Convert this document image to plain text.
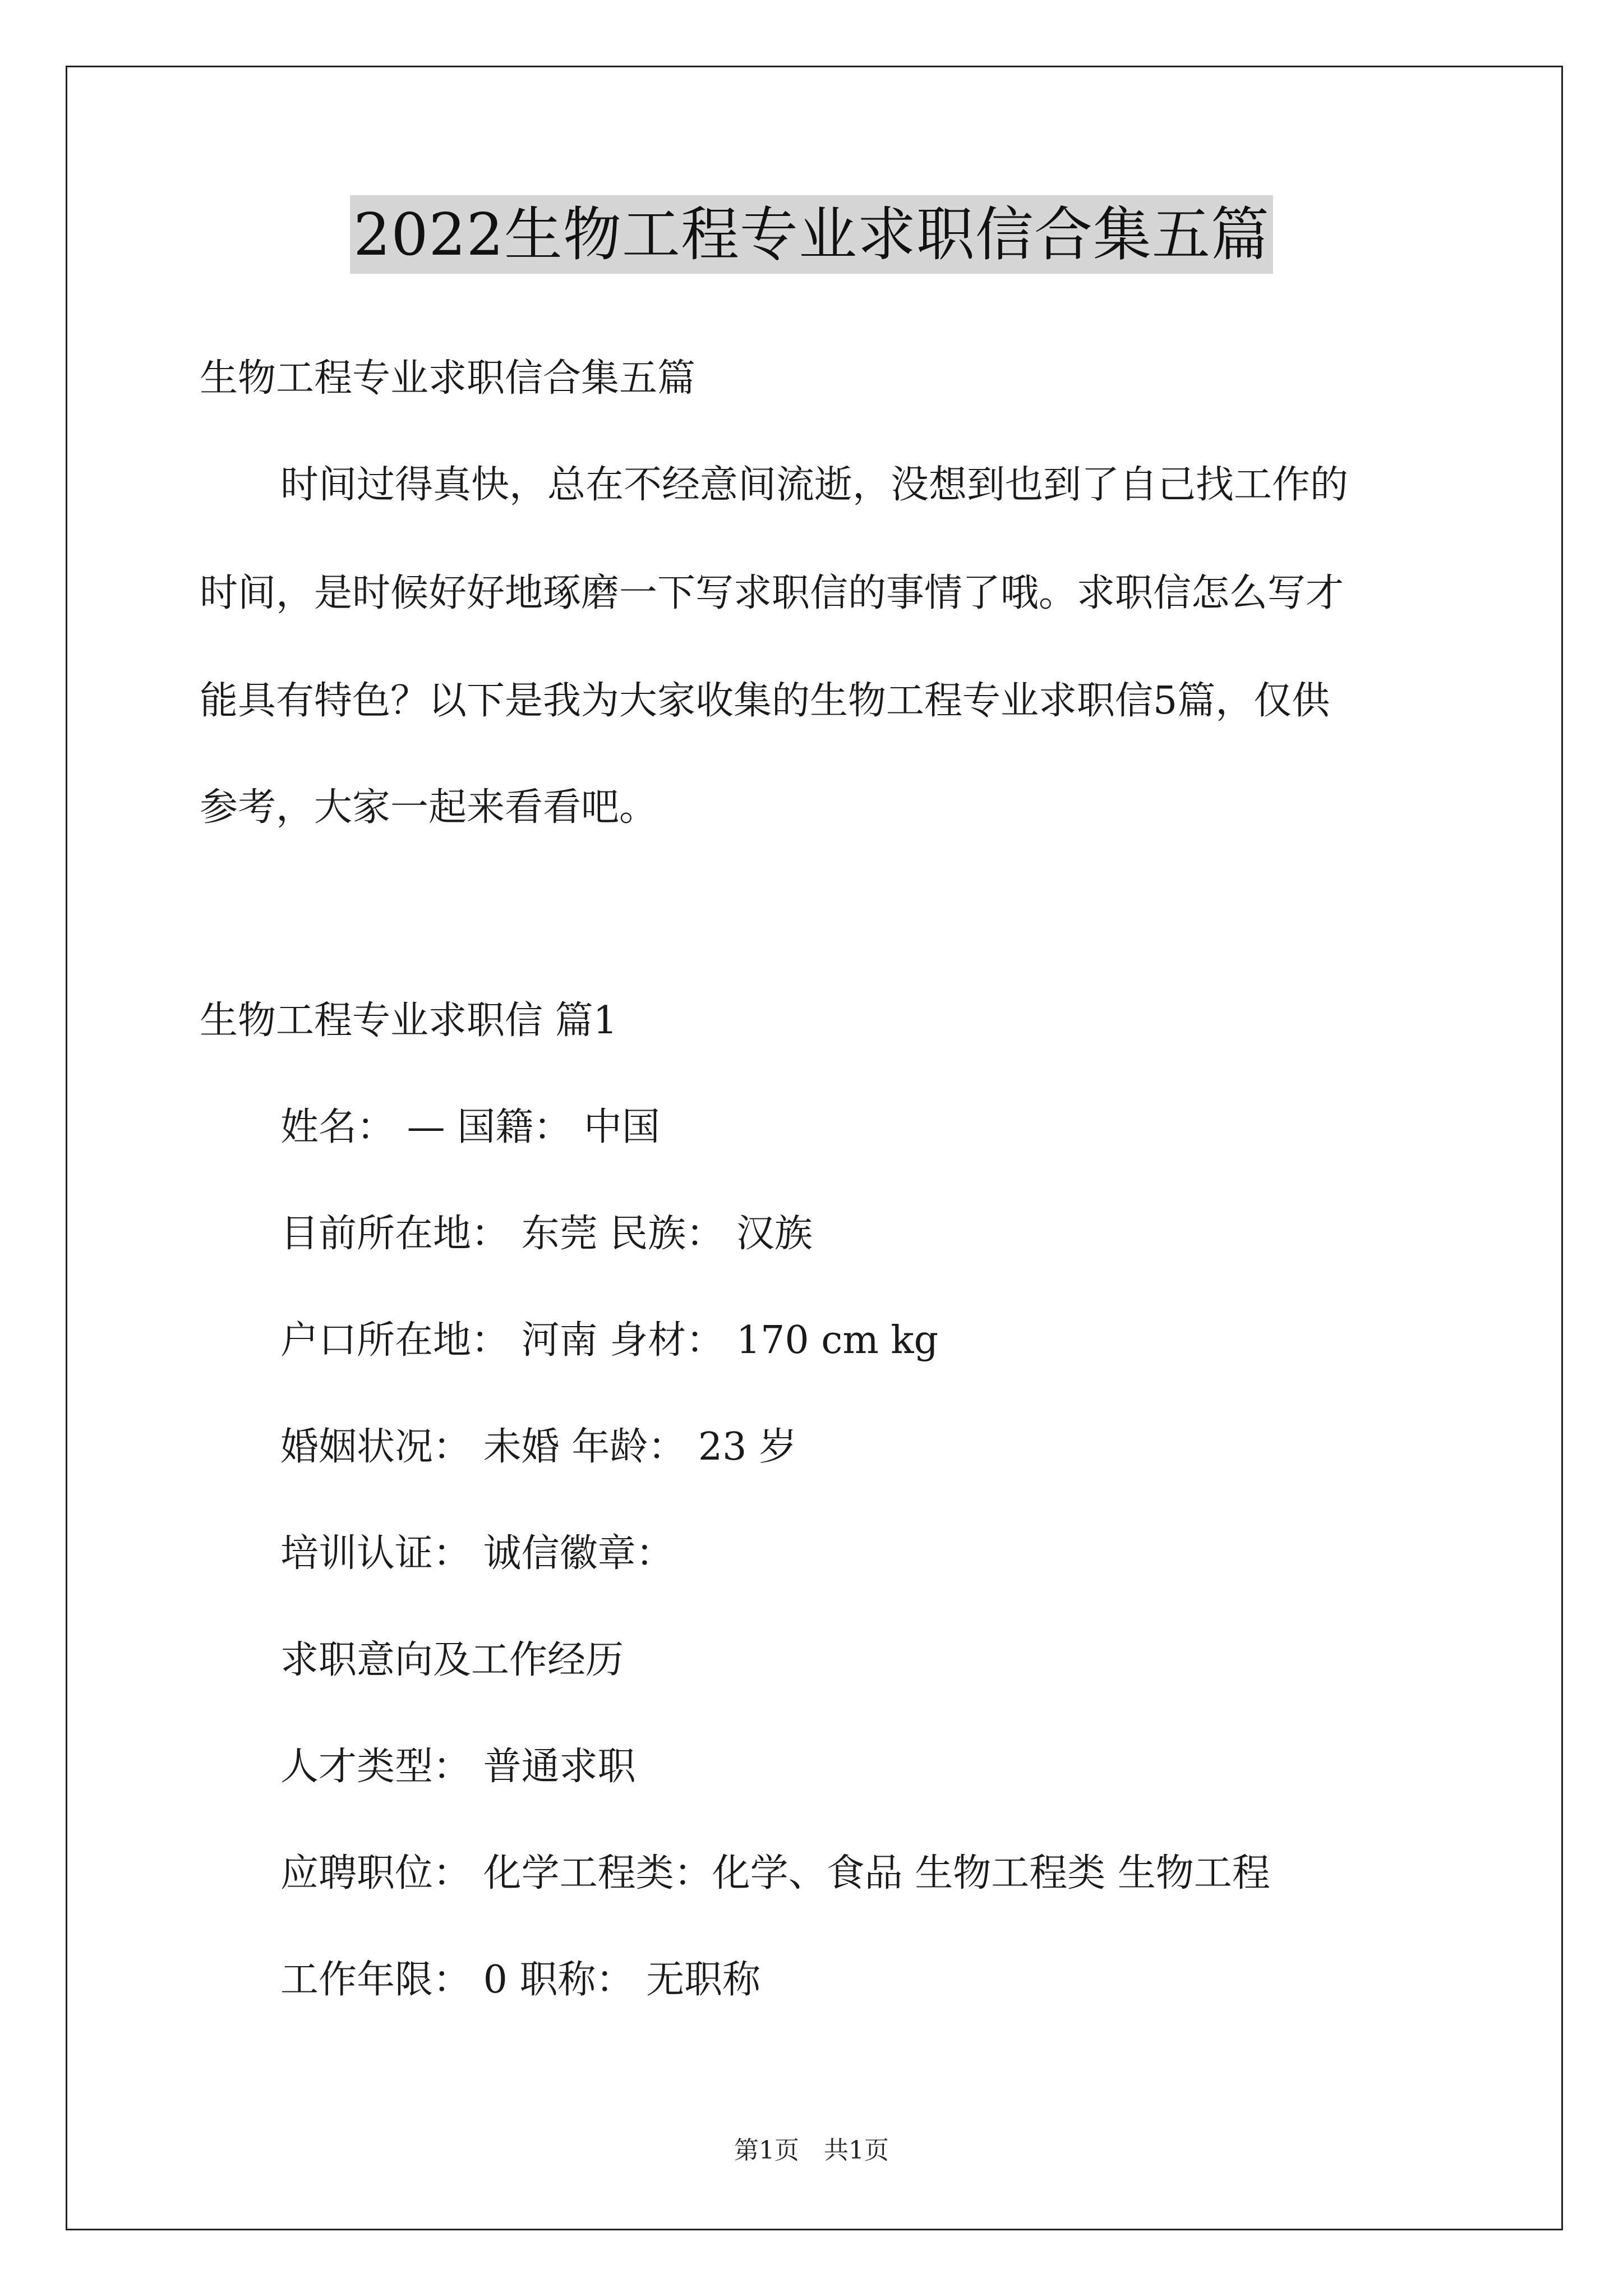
2022生物工程专业求职信合集五篇
生物工程专业求职信合集五篇
时间过得真快，总在不经意间流逝，没想到也到了自己找工作的
时间，是时候好好地琢磨一下写求职信的事情了哦。求职信怎么写才
能具有特色？以下是我为大家收集的生物工程专业求职信5篇，仅供
参考，大家一起来看看吧。
生物工程专业求职信 篇1
姓名： — 国籍： 中国
目前所在地： 东莞 民族： 汉族
户口所在地： 河南 身材： 170 cm kg
婚姻状况： 未婚 年龄： 23 岁
培训认证： 诚信徽章：
求职意向及工作经历
人才类型： 普通求职
应聘职位： 化学工程类：化学、食品 生物工程类 生物工程
工作年限： 0 职称： 无职称
第1页　共1页
